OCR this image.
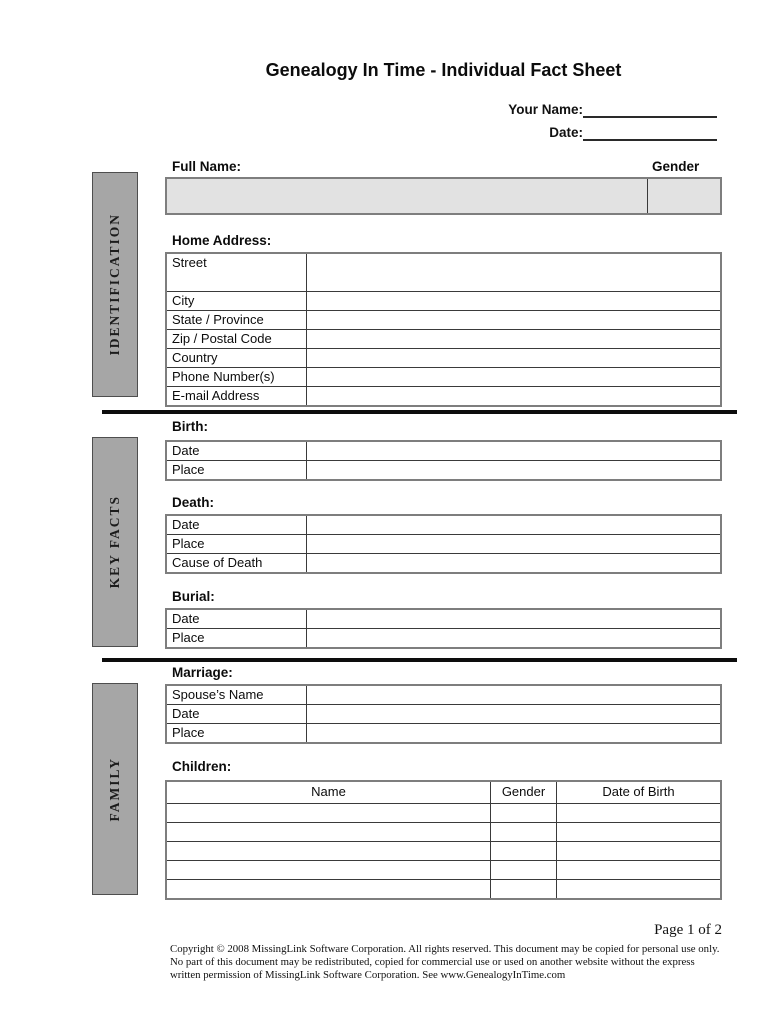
Genealogy In Time - Individual Fact Sheet
Your Name:
Date:
IDENTIFICATION
KEY FACTS
FAMILY
Full Name:	Gender
Home Address:
Street
City
State / Province
Zip / Postal Code
Country
Phone Number(s)
E-mail Address
Birth:
Date
Place
Death:
Date
Place
Cause of Death
Burial:
Date
Place
Marriage:
Spouse’s Name
Date
Place
Children:
Name	Gender	Date of Birth
Page 1 of 2
Copyright © 2008 MissingLink Software Corporation. All rights reserved. This document may be copied for personal use only. No part of this document may be redistributed, copied for commercial use or used on another website without the express written permission of MissingLink Software Corporation. See www.GenealogyInTime.com
